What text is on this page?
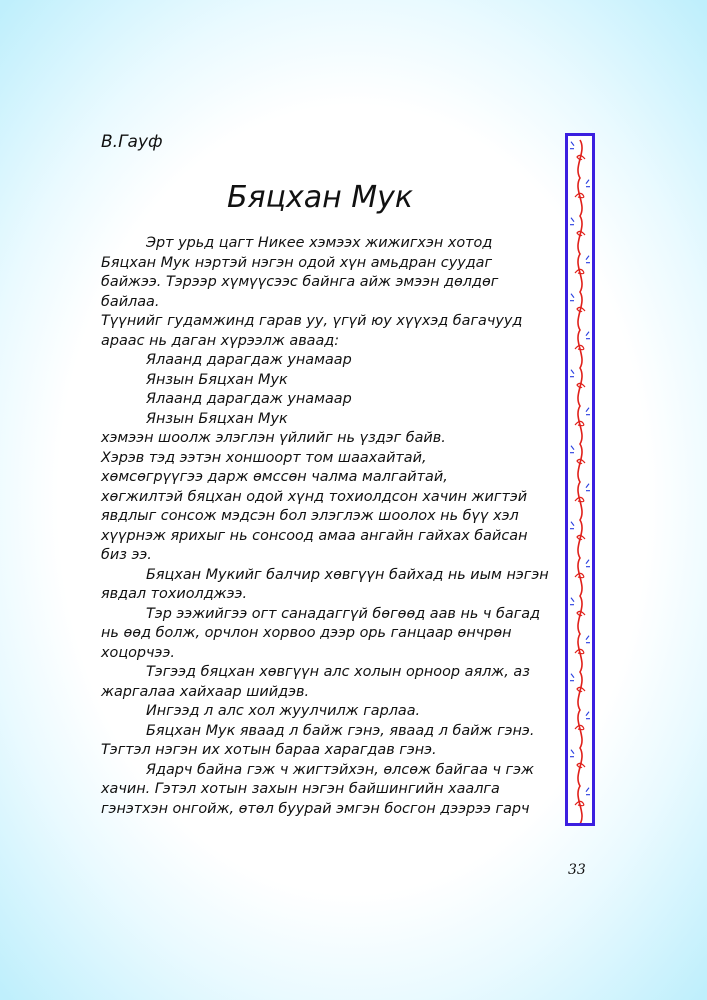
В.Гауф
Бяцхан Мук
Эрт урьд цагт Никее хэмээх жижигхэн хотод
Бяцхан Мук нэртэй нэгэн одой хүн амьдран суудаг
байжээ. Тэрээр хүмүүсээс байнга айж эмээн дөлдөг
байлаа.
Түүнийг гудамжинд гарав уу, үгүй юу хүүхэд багачууд
араас нь даган хүрээлж аваад:
Ялаанд дарагдаж унамаар
Янзын Бяцхан Мук
Ялаанд дарагдаж унамаар
Янзын Бяцхан Мук
хэмээн шоолж элэглэн үйлийг нь үздэг байв.
Хэрэв тэд ээтэн хоншоорт том шаахайтай,
хөмсөгрүүгээ дарж өмссөн чалма малгайтай,
хөгжилтэй бяцхан одой хүнд тохиолдсон хачин жигтэй
явдлыг сонсож мэдсэн бол элэглэж шоолох нь бүү хэл
хүүрнэж ярихыг нь сонсоод амаа ангайн гайхах байсан
биз ээ.
Бяцхан Мукийг балчир хөвгүүн байхад нь иым нэгэн
явдал тохиолджээ.
Тэр ээжийгээ огт санадаггүй бөгөөд аав нь ч багад
нь өөд болж, орчлон хорвоо дээр орь ганцаар өнчрөн
хоцорчээ.
Тэгээд бяцхан хөвгүүн алс холын орноор аялж, аз
жаргалаа хайхаар шийдэв.
Ингээд л алс хол жуулчилж гарлаа.
Бяцхан Мук яваад л байж гэнэ, яваад л байж гэнэ.
Тэгтэл нэгэн их хотын бараа харагдав гэнэ.
Ядарч байна гэж ч жигтэйхэн, өлсөж байгаа ч гэж
хачин. Гэтэл хотын захын нэгэн байшингийн хаалга
гэнэтхэн онгойж, өтөл буурай эмгэн босгон дээрээ гарч
33
